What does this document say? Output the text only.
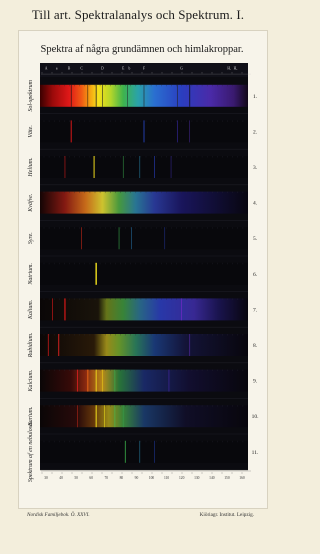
Till art. Spektralanalys och Spektrum. I.
Spektra af några grundämnen och himlakroppar.
A a	B	C	D	E b	F	G	H₁ H₂
Sol-spektrum	1.
Väte.	2.
Helium.	3.
Kväfve.	4.
Syre.	5.
Natrium.	6.
Kalium.	7.
Rubidium.	8.
Kalcium.	9.
Barium.	10.
Spektrum af en nebulosa.	11.
30	40	50	60	70	80	90	100	110	120	130	140	150	160
Nordisk Familjebok. Ö. XXVI.	Kiöriagr. Institut. Leipzig.
